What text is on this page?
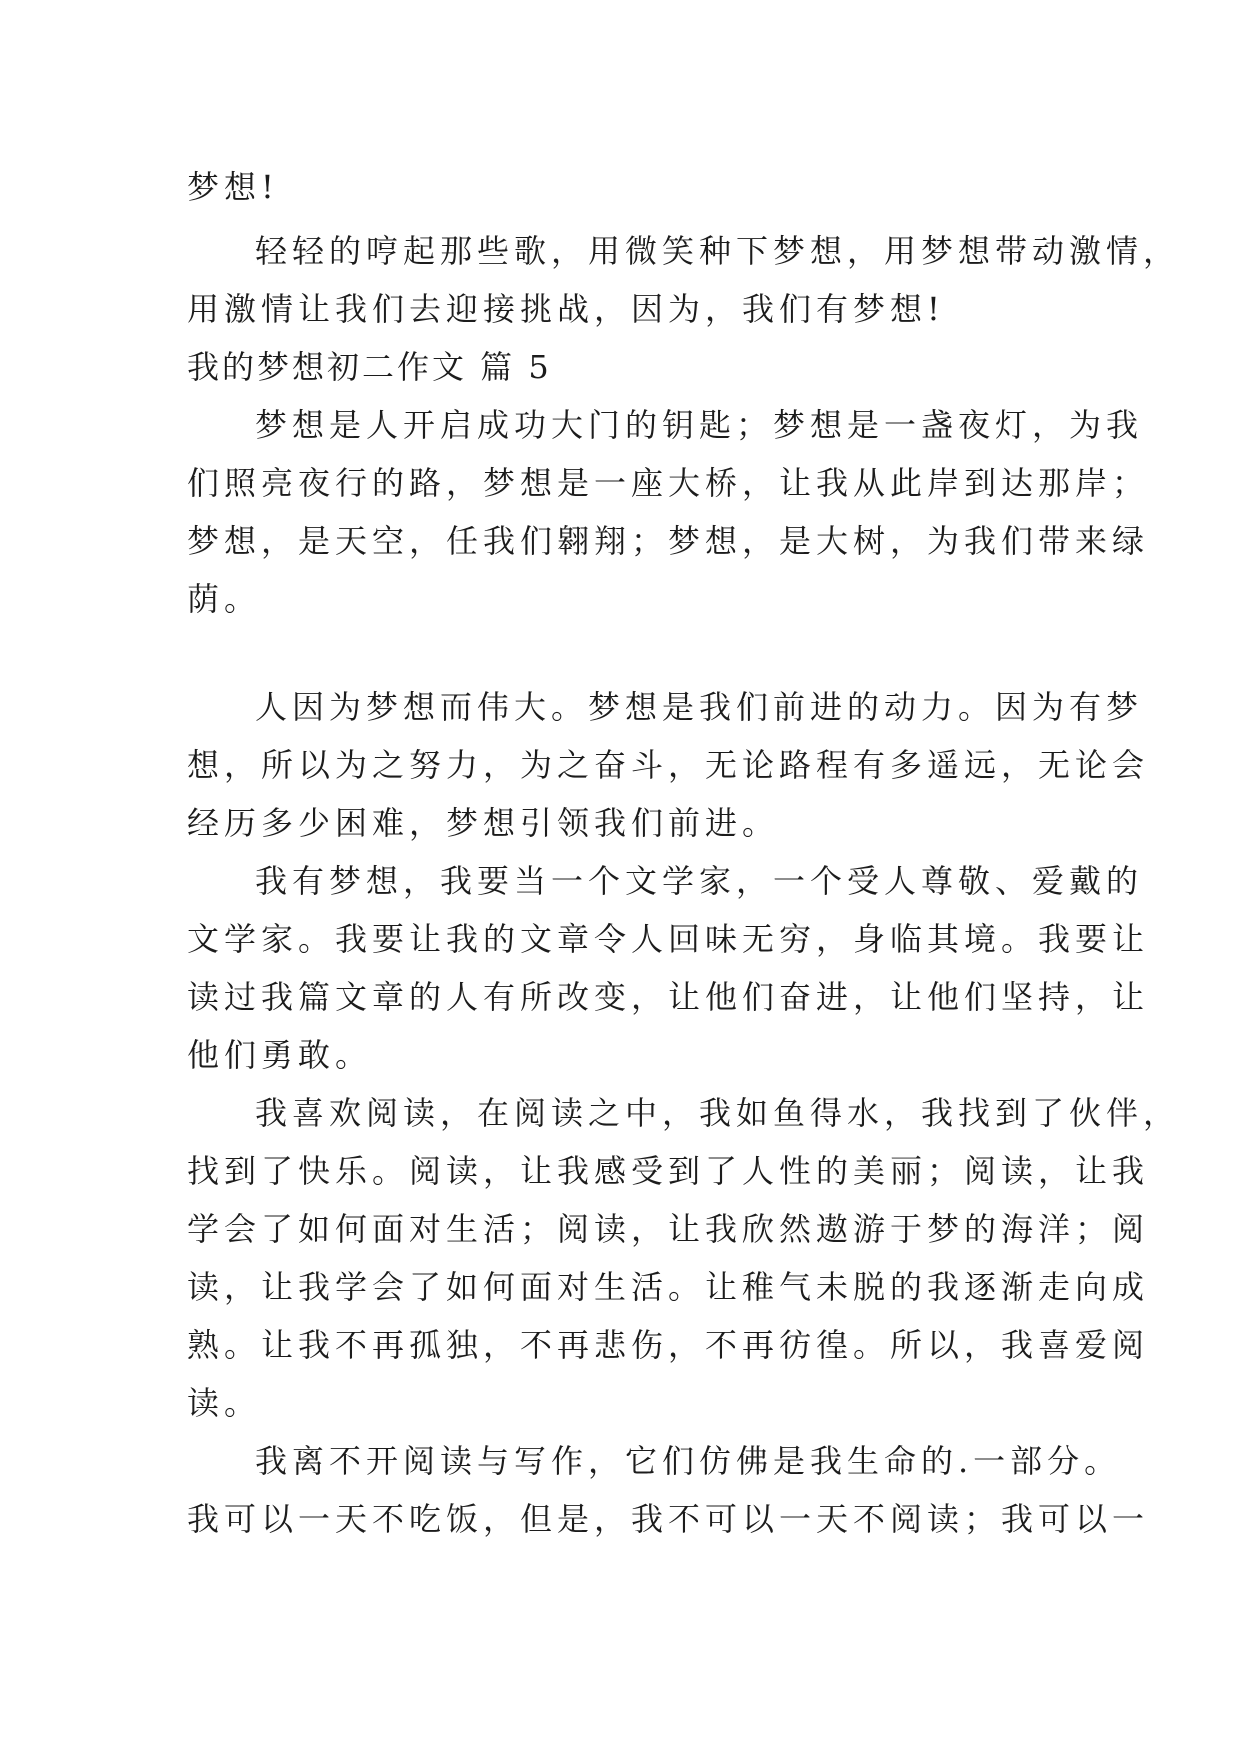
梦想!
轻轻的哼起那些歌，用微笑种下梦想，用梦想带动激情，
用激情让我们去迎接挑战，因为，我们有梦想!
我的梦想初二作文 篇 5
梦想是人开启成功大门的钥匙；梦想是一盏夜灯，为我
们照亮夜行的路，梦想是一座大桥，让我从此岸到达那岸；
梦想，是天空，任我们翱翔；梦想，是大树，为我们带来绿
荫。
人因为梦想而伟大。梦想是我们前进的动力。因为有梦
想，所以为之努力，为之奋斗，无论路程有多遥远，无论会
经历多少困难，梦想引领我们前进。
我有梦想，我要当一个文学家，一个受人尊敬、爱戴的
文学家。我要让我的文章令人回味无穷，身临其境。我要让
读过我篇文章的人有所改变，让他们奋进，让他们坚持，让
他们勇敢。
我喜欢阅读，在阅读之中，我如鱼得水，我找到了伙伴，
找到了快乐。阅读，让我感受到了人性的美丽；阅读，让我
学会了如何面对生活；阅读，让我欣然遨游于梦的海洋；阅
读，让我学会了如何面对生活。让稚气未脱的我逐渐走向成
熟。让我不再孤独，不再悲伤，不再彷徨。所以，我喜爱阅
读。
我离不开阅读与写作，它们仿佛是我生命的.一部分。
我可以一天不吃饭，但是，我不可以一天不阅读；我可以一
